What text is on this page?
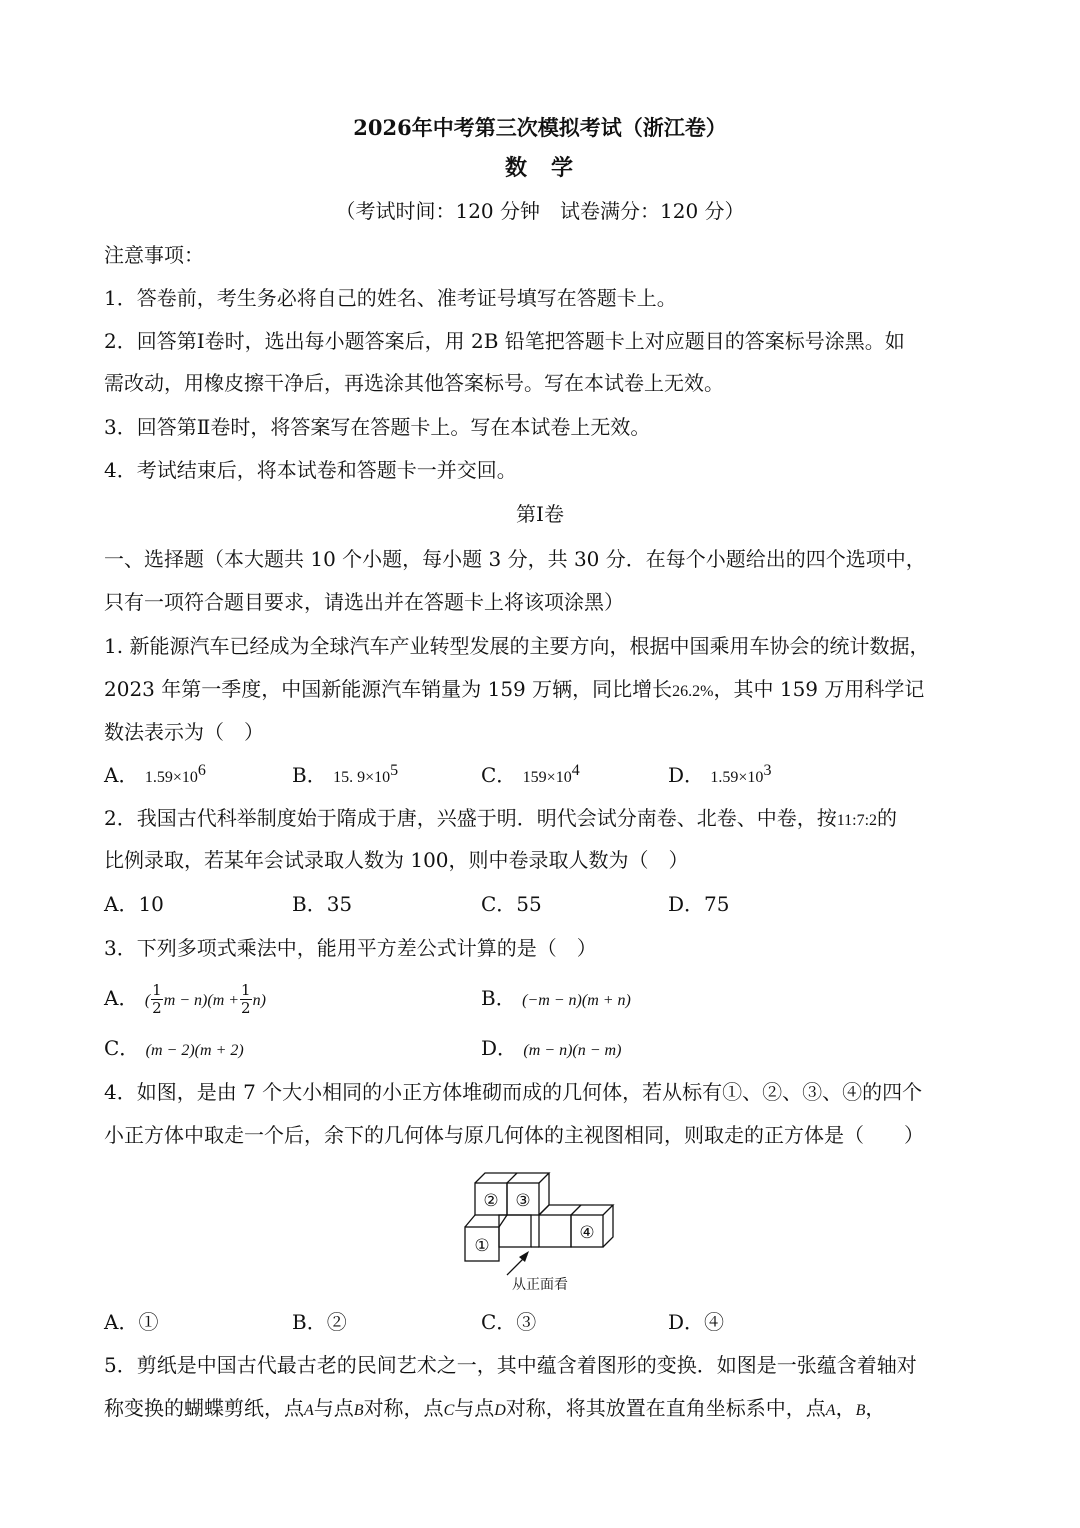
2026年中考第三次模拟考试（浙江卷）
数 学
（考试时间：120 分钟　试卷满分：120 分）
注意事项：
1．答卷前，考生务必将自己的姓名、准考证号填写在答题卡上。
2．回答第Ⅰ卷时，选出每小题答案后，用 2B 铅笔把答题卡上对应题目的答案标号涂黑。如
需改动，用橡皮擦干净后，再选涂其他答案标号。写在本试卷上无效。
3．回答第Ⅱ卷时，将答案写在答题卡上。写在本试卷上无效。
4．考试结束后，将本试卷和答题卡一并交回。
第Ⅰ卷
一、选择题（本大题共 10 个小题，每小题 3 分，共 30 分．在每个小题给出的四个选项中，
只有一项符合题目要求，请选出并在答题卡上将该项涂黑）
1. 新能源汽车已经成为全球汽车产业转型发展的主要方向，根据中国乘用车协会的统计数据，
2023 年第一季度，中国新能源汽车销量为 159 万辆，同比增长26.2%，其中 159 万用科学记
数法表示为（　）
A． $1.59\times 10^6$	B． 15. $9\times 10^5$	C． $159\times 10^4$	D． $1.59\times 10^3$
2．我国古代科举制度始于隋成于唐，兴盛于明．明代会试分南卷、北卷、中卷，按11:7:2的
比例录取，若某年会试录取人数为 100，则中卷录取人数为（　）
A．10	B．35	C．55	D．75
3．下列多项式乘法中，能用平方差公式计算的是（　）
A． ( $\frac{1}{2}$ $m - n)(m + \frac{1}{2} n)$	B． (−m − n)(m + n)
C． (m − 2)(m + 2)	D． (m − n)(n − m)
4．如图，是由 7 个大小相同的小正方体堆砌而成的几何体，若从标有①、②、③、④的四个
小正方体中取走一个后，余下的几何体与原几何体的主视图相同，则取走的正方体是（　　）
② ③
①
④
从正面看
A．①	B．②	C．③	D．④
5．剪纸是中国古代最古老的民间艺术之一，其中蕴含着图形的变换．如图是一张蕴含着轴对
称变换的蝴蝶剪纸，点A与点B对称，点C与点D对称，将其放置在直角坐标系中，点A，B，
